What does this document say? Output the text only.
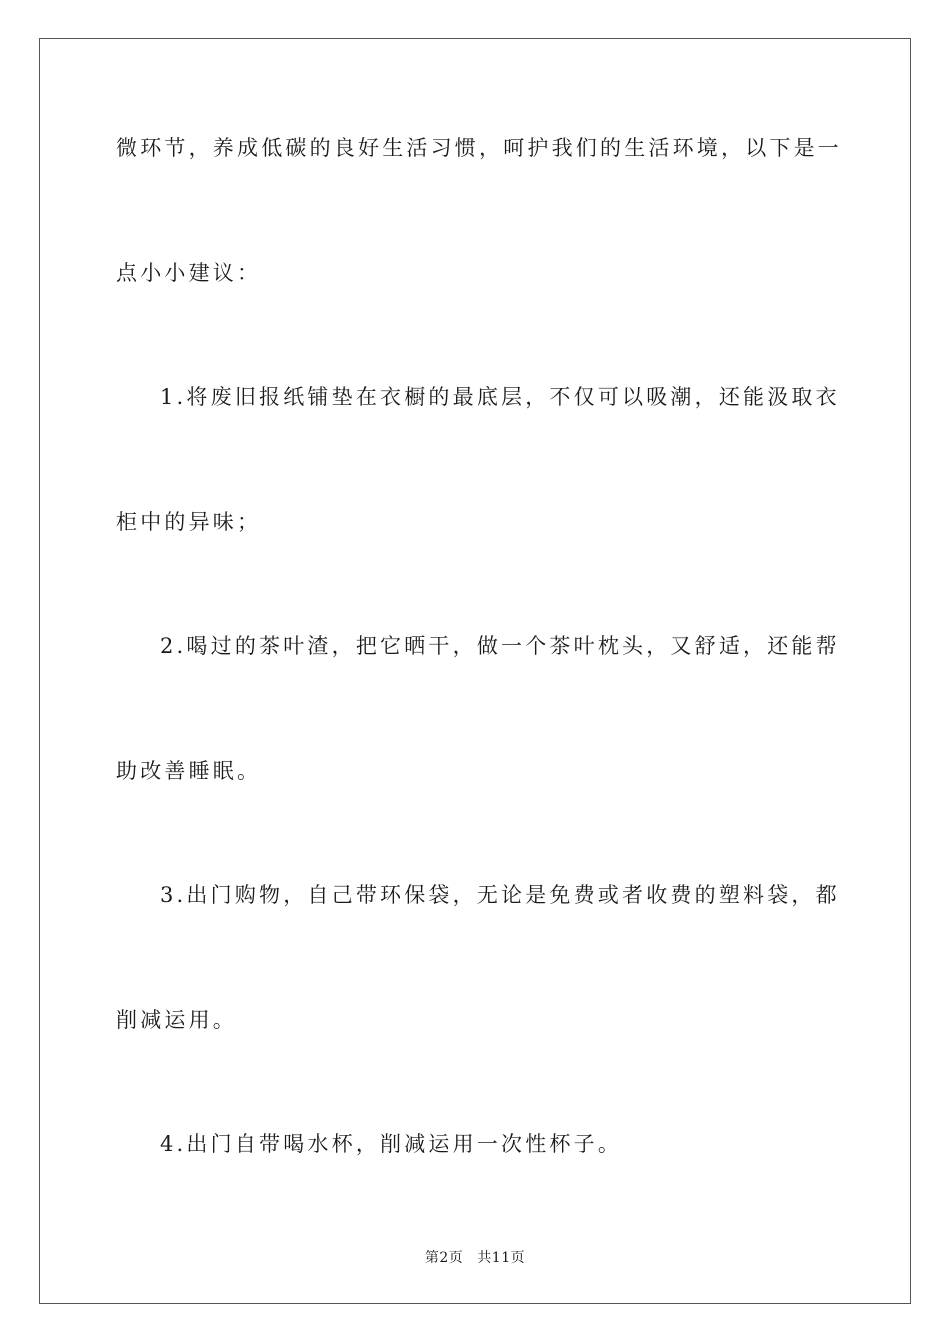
微环节，养成低碳的良好生活习惯，呵护我们的生活环境，以下是一
点小小建议：
1.将废旧报纸铺垫在衣橱的最底层，不仅可以吸潮，还能汲取衣
柜中的异味；
2.喝过的茶叶渣，把它晒干，做一个茶叶枕头，又舒适，还能帮
助改善睡眠。
3.出门购物，自己带环保袋，无论是免费或者收费的塑料袋，都
削减运用。
4.出门自带喝水杯，削减运用一次性杯子。
第2页 共11页
